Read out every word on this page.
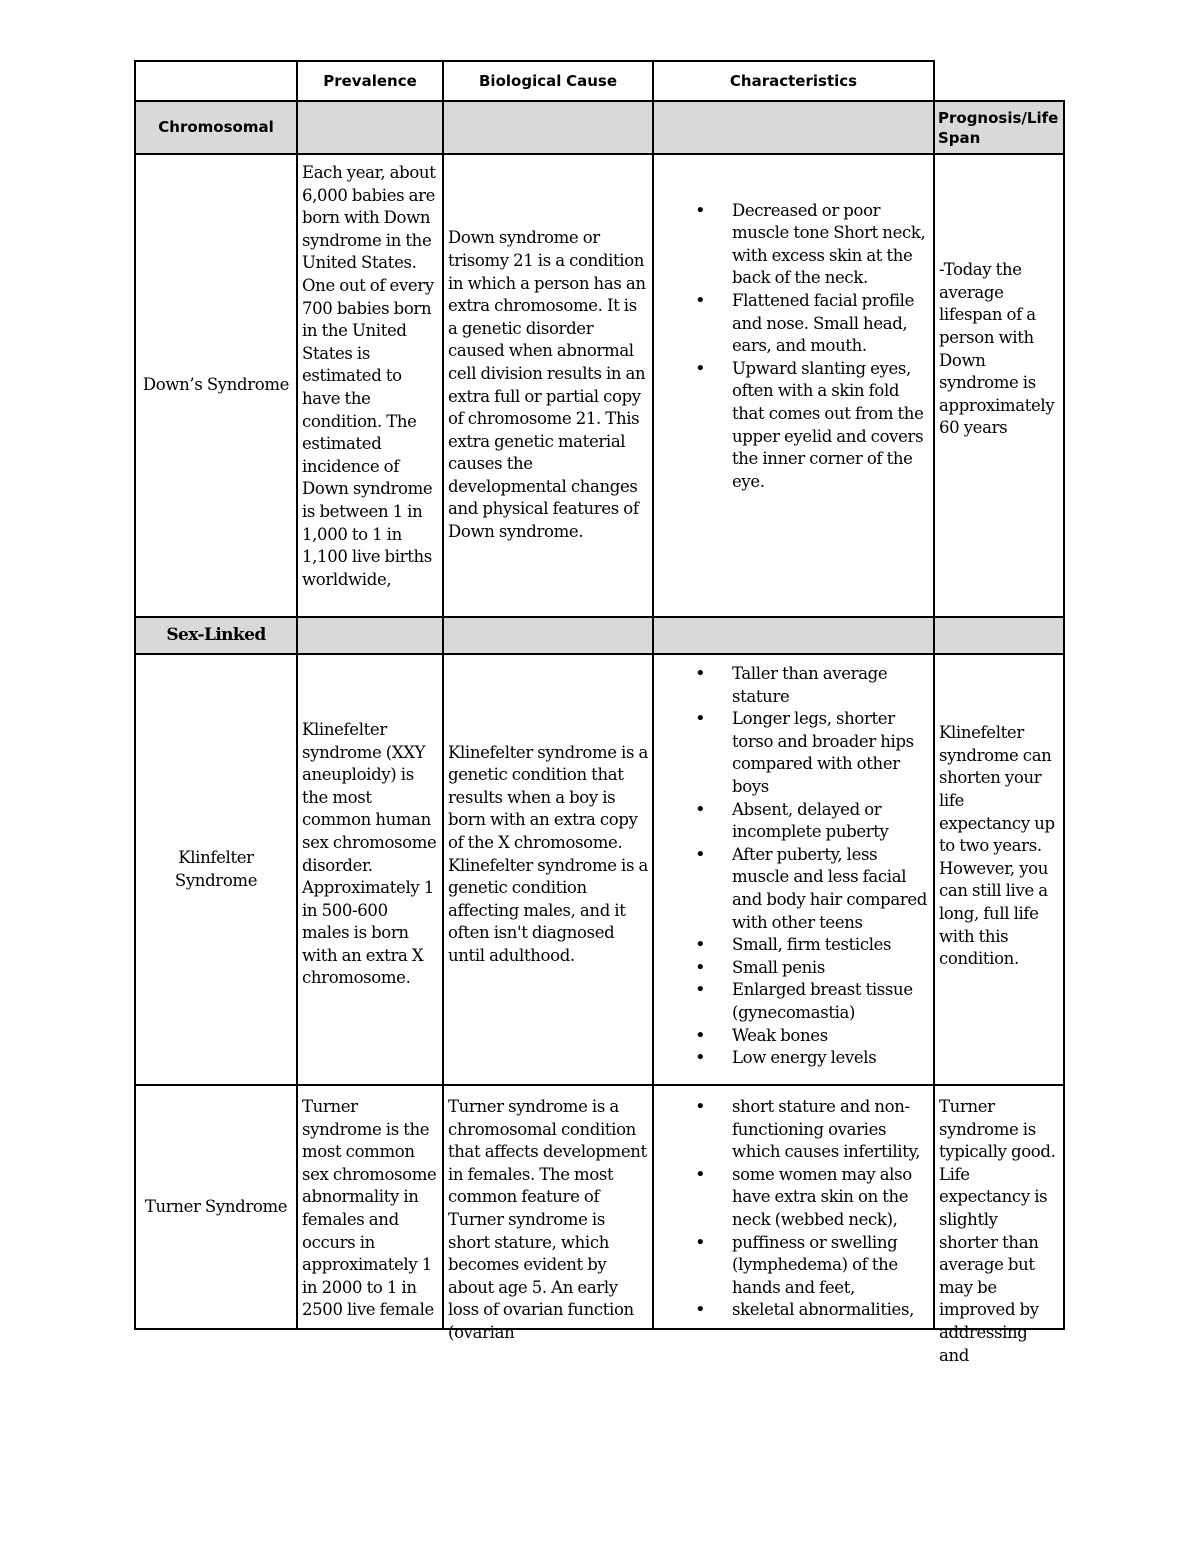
Prevalence	Biological Cause	Characteristics
Chromosomal
Prognosis/Life Span
Down’s Syndrome
Each year, about 6,000 babies are born with Down syndrome in the United States. One out of every 700 babies born in the United States is estimated to have the condition. The estimated incidence of Down syndrome is between 1 in 1,000 to 1 in 1,100 live births worldwide,
Down syndrome or trisomy 21 is a condition in which a person has an extra chromosome. It is a genetic disorder caused when abnormal cell division results in an extra full or partial copy of chromosome 21. This extra genetic material causes the developmental changes and physical features of Down syndrome.
• Decreased or poor muscle tone Short neck, with excess skin at the back of the neck.
• Flattened facial profile and nose. Small head, ears, and mouth.
• Upward slanting eyes, often with a skin fold that comes out from the upper eyelid and covers the inner corner of the eye.
-Today the average lifespan of a person with Down syndrome is approximately 60 years
Sex-Linked
Klinfelter Syndrome
Klinefelter syndrome (XXY aneuploidy) is the most common human sex chromosome disorder. Approximately 1 in 500-600 males is born with an extra X chromosome.
Klinefelter syndrome is a genetic condition that results when a boy is born with an extra copy of the X chromosome. Klinefelter syndrome is a genetic condition affecting males, and it often isn't diagnosed until adulthood.
• Taller than average stature
• Longer legs, shorter torso and broader hips compared with other boys
• Absent, delayed or incomplete puberty
• After puberty, less muscle and less facial and body hair compared with other teens
• Small, firm testicles
• Small penis
• Enlarged breast tissue (gynecomastia)
• Weak bones
• Low energy levels
Klinefelter syndrome can shorten your life expectancy up to two years. However, you can still live a long, full life with this condition.
Turner Syndrome
Turner syndrome is the most common sex chromosome abnormality in females and occurs in approximately 1 in 2000 to 1 in 2500 live female
Turner syndrome is a chromosomal condition that affects development in females. The most common feature of Turner syndrome is short stature, which becomes evident by about age 5. An early loss of ovarian function (ovarian
• short stature and non-functioning ovaries which causes infertility,
• some women may also have extra skin on the neck (webbed neck),
• puffiness or swelling (lymphedema) of the hands and feet,
• skeletal abnormalities,
Turner syndrome is typically good. Life expectancy is slightly shorter than average but may be improved by addressing and
